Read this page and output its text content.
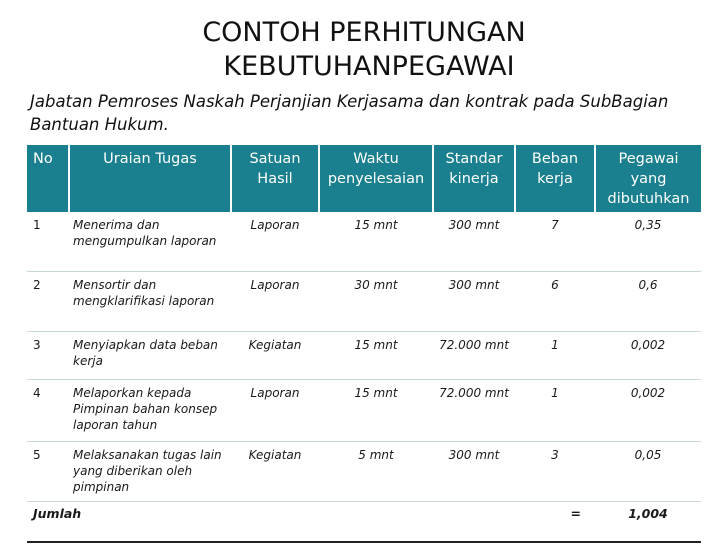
CONTOH PERHITUNGAN
KEBUTUHANPEGAWAI
Jabatan Pemroses Naskah Perjanjian Kerjasama dan kontrak pada SubBagian Bantuan Hukum.
No	Uraian Tugas	Satuan Hasil	Waktu penyelesaian	Standar kinerja	Beban kerja	Pegawai yang dibutuhkan
1	Menerima dan mengumpulkan laporan	Laporan	15 mnt	300 mnt	7	0,35
2	Mensortir dan mengklarifikasi laporan	Laporan	30 mnt	300 mnt	6	0,6
3	Menyiapkan data beban kerja	Kegiatan	15 mnt	72.000 mnt	1	0,002
4	Melaporkan kepada Pimpinan bahan konsep laporan tahun	Laporan	15 mnt	72.000 mnt	1	0,002
5	Melaksanakan tugas lain yang diberikan oleh pimpinan	Kegiatan	5 mnt	300 mnt	3	0,05
Jumlah					=	1,004
